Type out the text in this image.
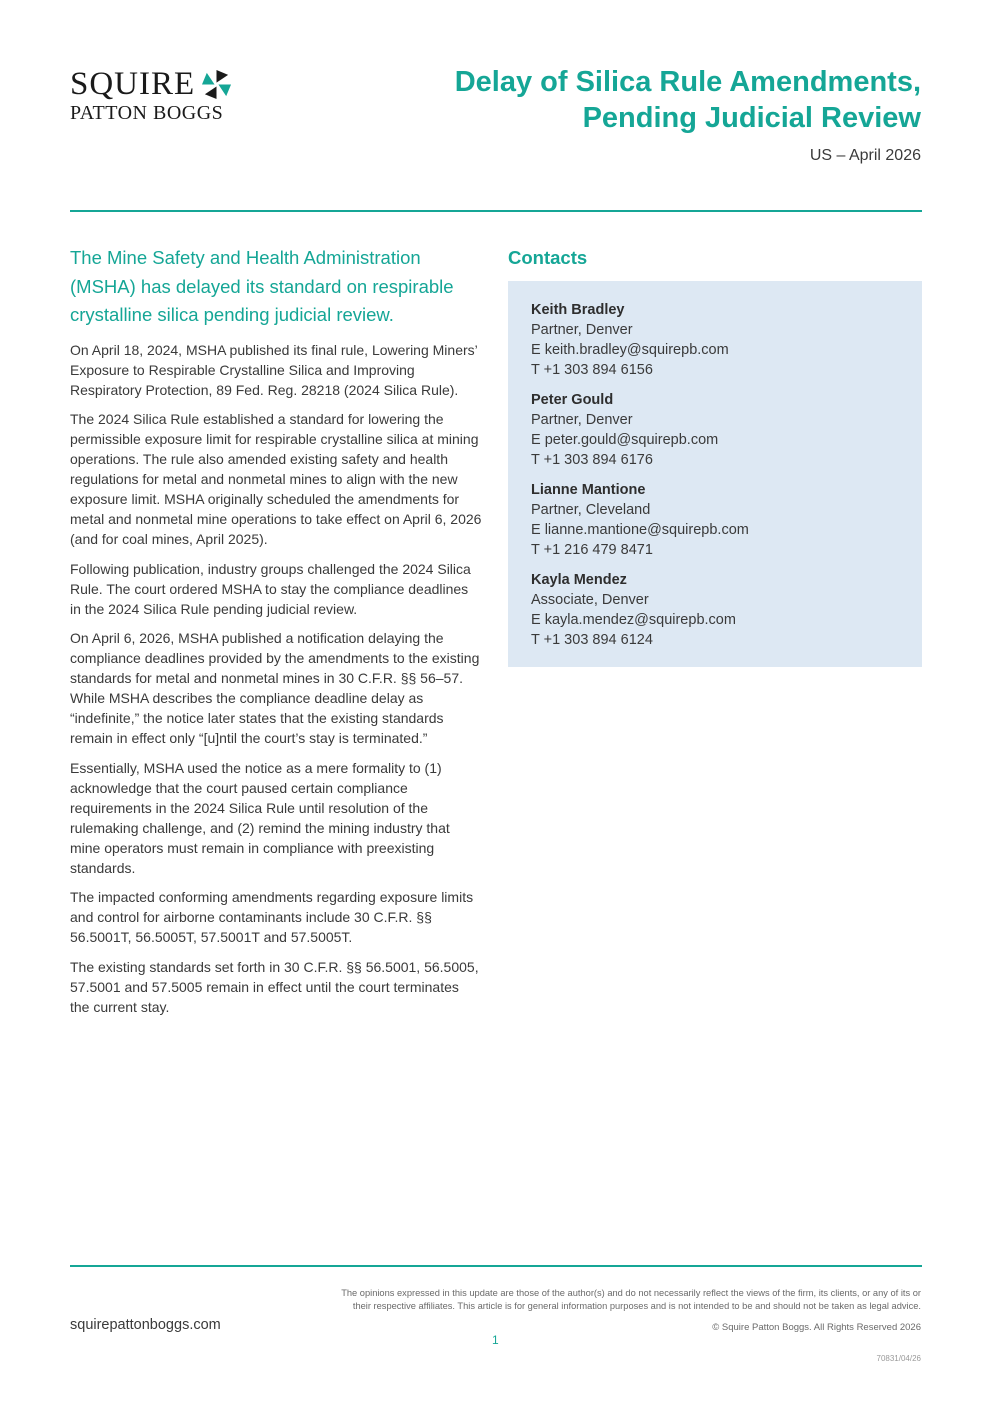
SQUIRE
PATTON BOGGS
Delay of Silica Rule Amendments,
Pending Judicial Review
US – April 2026

The Mine Safety and Health Administration (MSHA) has delayed its standard on respirable crystalline silica pending judicial review.

On April 18, 2024, MSHA published its final rule, Lowering Miners’ Exposure to Respirable Crystalline Silica and Improving Respiratory Protection, 89 Fed. Reg. 28218 (2024 Silica Rule).

The 2024 Silica Rule established a standard for lowering the permissible exposure limit for respirable crystalline silica at mining operations. The rule also amended existing safety and health regulations for metal and nonmetal mines to align with the new exposure limit. MSHA originally scheduled the amendments for metal and nonmetal mine operations to take effect on April 6, 2026 (and for coal mines, April 2025).

Following publication, industry groups challenged the 2024 Silica Rule. The court ordered MSHA to stay the compliance deadlines in the 2024 Silica Rule pending judicial review.

On April 6, 2026, MSHA published a notification delaying the compliance deadlines provided by the amendments to the existing standards for metal and nonmetal mines in 30 C.F.R. §§ 56–57. While MSHA describes the compliance deadline delay as “indefinite,” the notice later states that the existing standards remain in effect only “[u]ntil the court’s stay is terminated.”

Essentially, MSHA used the notice as a mere formality to (1) acknowledge that the court paused certain compliance requirements in the 2024 Silica Rule until resolution of the rulemaking challenge, and (2) remind the mining industry that mine operators must remain in compliance with preexisting standards.

The impacted conforming amendments regarding exposure limits and control for airborne contaminants include 30 C.F.R. §§ 56.5001T, 56.5005T, 57.5001T and 57.5005T.

The existing standards set forth in 30 C.F.R. §§ 56.5001, 56.5005, 57.5001 and 57.5005 remain in effect until the court terminates the current stay.

Contacts
Keith Bradley
Partner, Denver
E keith.bradley@squirepb.com
T +1 303 894 6156
Peter Gould
Partner, Denver
E peter.gould@squirepb.com
T +1 303 894 6176
Lianne Mantione
Partner, Cleveland
E lianne.mantione@squirepb.com
T +1 216 479 8471
Kayla Mendez
Associate, Denver
E kayla.mendez@squirepb.com
T +1 303 894 6124
The opinions expressed in this update are those of the author(s) and do not necessarily reflect the views of the firm, its clients, or any of its or
their respective affiliates. This article is for general information purposes and is not intended to be and should not be taken as legal advice.
squirepattonboggs.com	© Squire Patton Boggs. All Rights Reserved 2026
1
70831/04/26
